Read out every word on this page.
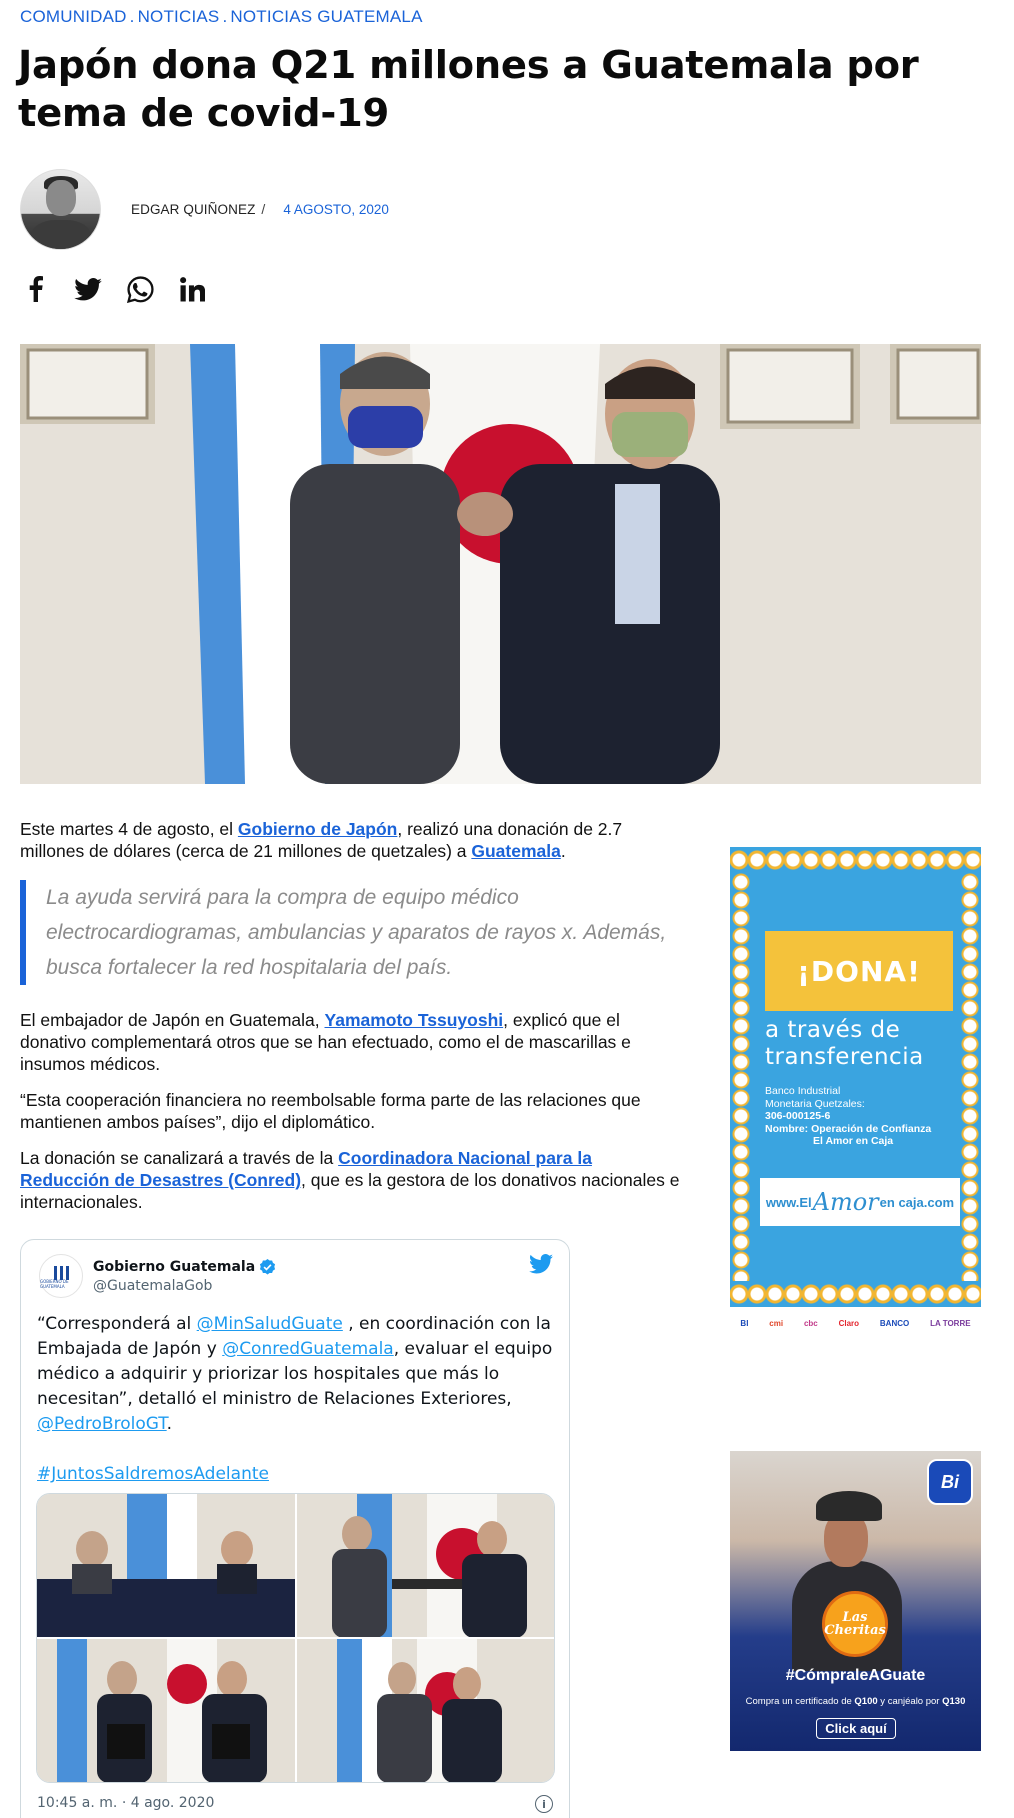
COMUNIDAD . NOTICIAS . NOTICIAS GUATEMALA
Japón dona Q21 millones a Guatemala por tema de covid-19
EDGAR QUIÑONEZ / 4 AGOSTO, 2020

Este martes 4 de agosto, el Gobierno de Japón, realizó una donación de 2.7 millones de dólares (cerca de 21 millones de quetzales) a Guatemala.

La ayuda servirá para la compra de equipo médico electrocardiogramas, ambulancias y aparatos de rayos x. Además, busca fortalecer la red hospitalaria del país.

El embajador de Japón en Guatemala, Yamamoto Tssuyoshi, explicó que el donativo complementará otros que se han efectuado, como el de mascarillas e insumos médicos.

“Esta cooperación financiera no reembolsable forma parte de las relaciones que mantienen ambos países”, dijo el diplomático.

La donación se canalizará a través de la Coordinadora Nacional para la Reducción de Desastres (Conred), que es la gestora de los donativos nacionales e internacionales.

GOBIERNO DE GUATEMALA
Gobierno Guatemala
@GuatemalaGob
“Corresponderá al @MinSaludGuate , en coordinación con la Embajada de Japón y @ConredGuatemala, evaluar el equipo médico a adquirir y priorizar los hospitales que más lo necesitan”, detalló el ministro de Relaciones Exteriores, @PedroBroloGT.
#JuntosSaldremosAdelante
10:45 a. m. · 4 ago. 2020	i
¡DONA!
a través de
transferencia
Banco Industrial
Monetaria Quetzales:
306-000125-6
Nombre: Operación de Confianza
El Amor en Caja
www.El Amor en caja.com
BI	cmi	cbc	Claro	BANCO	LA TORRE
Bi
Las Cheritas
#CómpraleAGuate
Compra un certificado de Q100 y canjéalo por Q130
Click aquí
